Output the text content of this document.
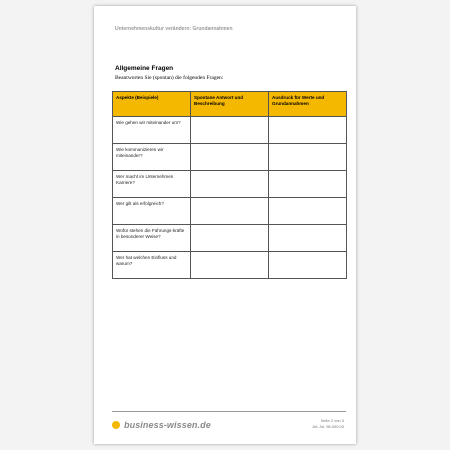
Unternehmenskultur verändern: Grundannahmen
Allgemeine Fragen
Beantworten Sie (spontan) die folgenden Fragen:
Aspekte (Beispiele)	Spontane Antwort und Beschreibung	Ausdruck für Werte und Grundannahmen
Wie gehen wir miteinander um?		
Wie kommunizieren wir miteinander?		
Wer macht im Unternehmen Karriere?		
Wer gilt als erfolgreich?		
Wofür stehen die Führungs-kräfte in besonderer Weise?		
Wer hat welchen Einfluss und warum?		
business-wissen.de	Seite 2 von 3
Art.-Nr. 98.000.03
